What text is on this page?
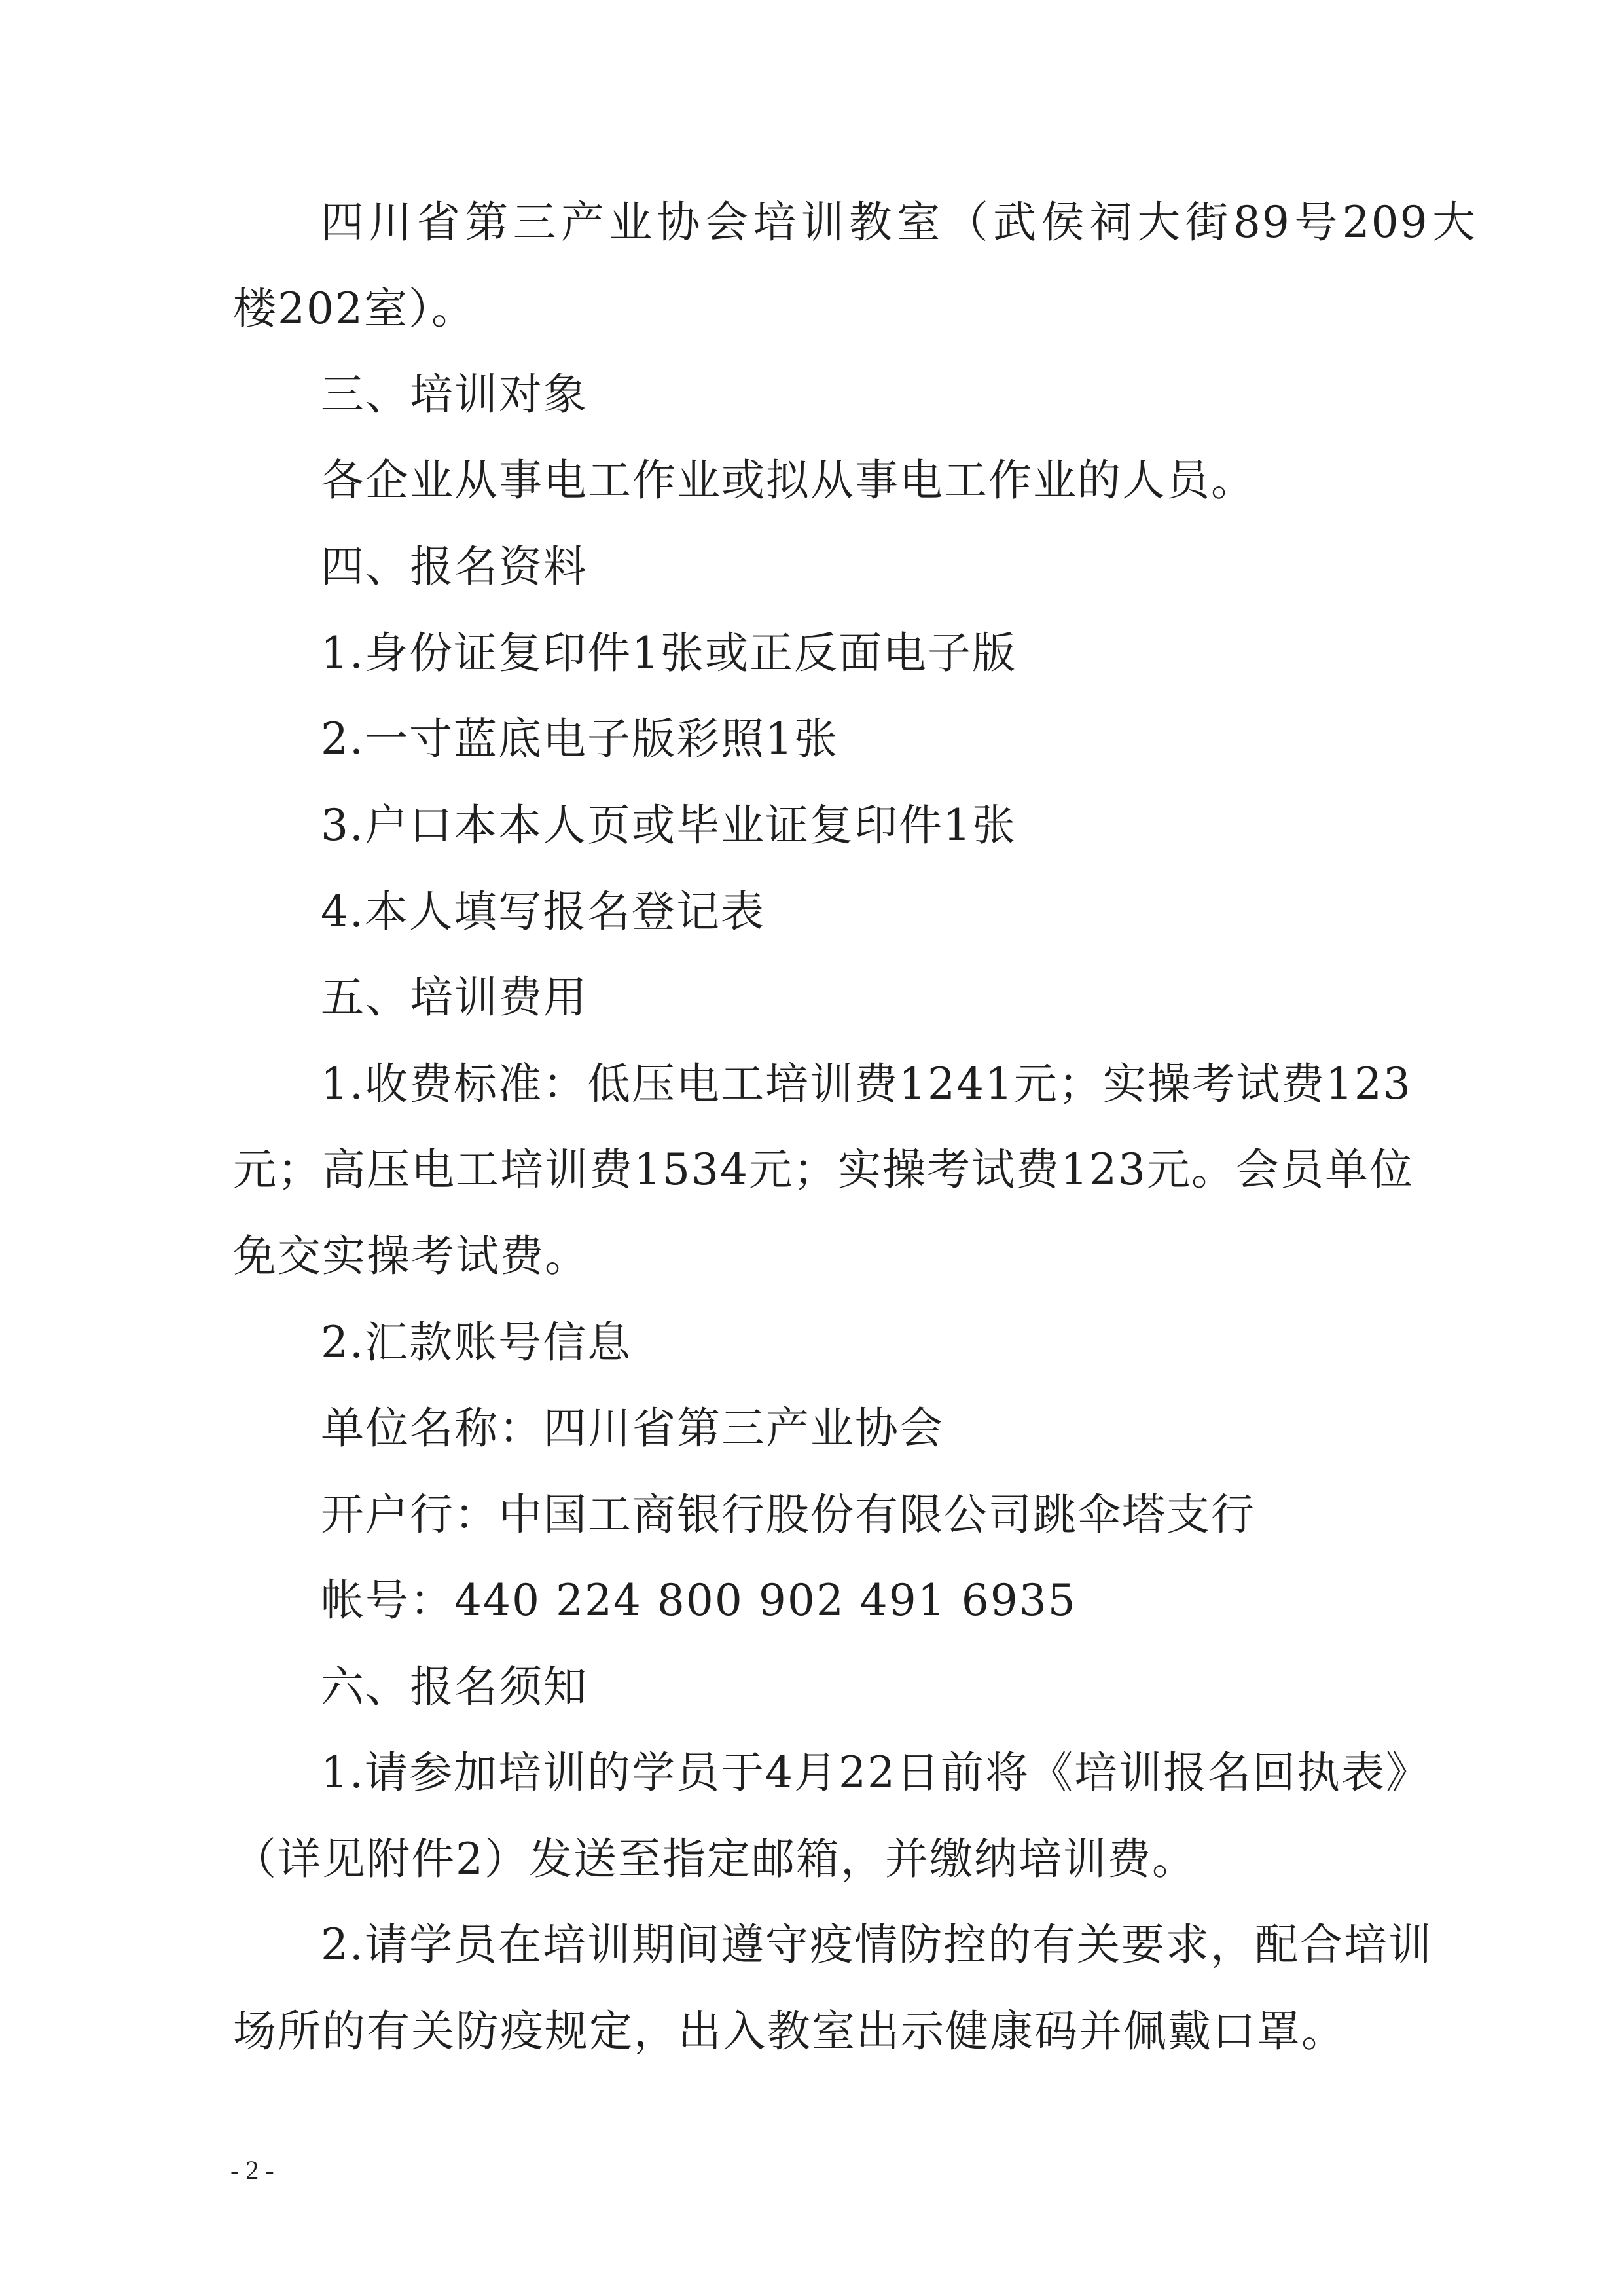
四川省第三产业协会培训教室（武侯祠大街89号209大
楼202室）。
三、培训对象
各企业从事电工作业或拟从事电工作业的人员。
四、报名资料
1.身份证复印件1张或正反面电子版
2.一寸蓝底电子版彩照1张
3.户口本本人页或毕业证复印件1张
4.本人填写报名登记表
五、培训费用
1.收费标准：低压电工培训费1241元；实操考试费123
元；高压电工培训费1534元；实操考试费123元。会员单位
免交实操考试费。
2.汇款账号信息
单位名称：四川省第三产业协会
开户行：中国工商银行股份有限公司跳伞塔支行
帐号：440 224 800 902 491 6935
六、报名须知
1.请参加培训的学员于4月22日前将《培训报名回执表》
（详见附件2）发送至指定邮箱，并缴纳培训费。
2.请学员在培训期间遵守疫情防控的有关要求，配合培训
场所的有关防疫规定，出入教室出示健康码并佩戴口罩。
- 2 -
